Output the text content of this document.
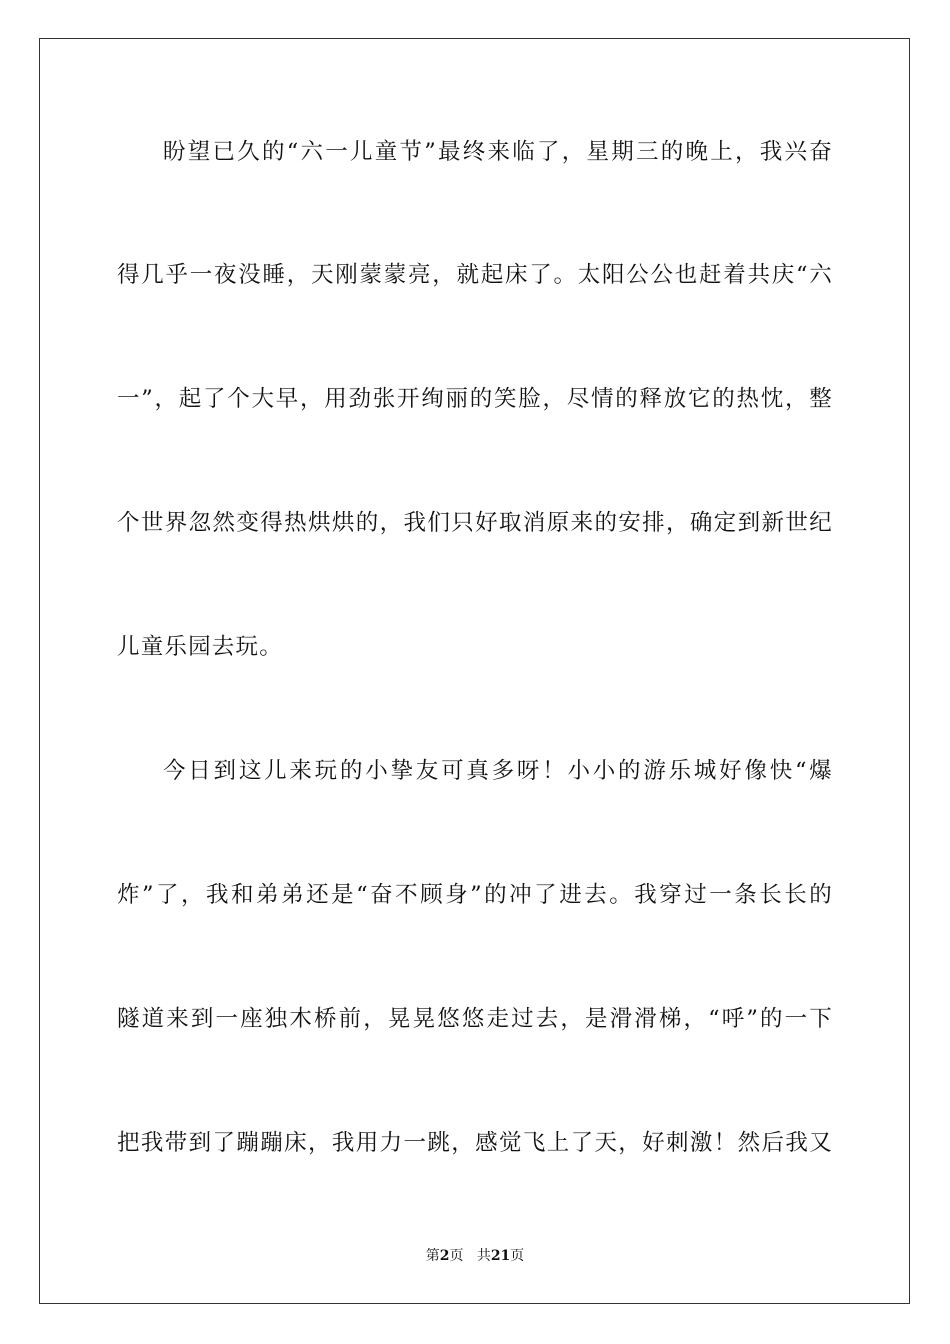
盼望已久的“六一儿童节”最终来临了，星期三的晚上，我兴奋
得几乎一夜没睡，天刚蒙蒙亮，就起床了。太阳公公也赶着共庆“六
一”，起了个大早，用劲张开绚丽的笑脸，尽情的释放它的热忱，整
个世界忽然变得热烘烘的，我们只好取消原来的安排，确定到新世纪
儿童乐园去玩。
今日到这儿来玩的小挚友可真多呀！小小的游乐城好像快“爆
炸”了，我和弟弟还是“奋不顾身”的冲了进去。我穿过一条长长的
隧道来到一座独木桥前，晃晃悠悠走过去，是滑滑梯，“呼”的一下
把我带到了蹦蹦床，我用力一跳，感觉飞上了天，好刺激！然后我又
第2页 共21页
